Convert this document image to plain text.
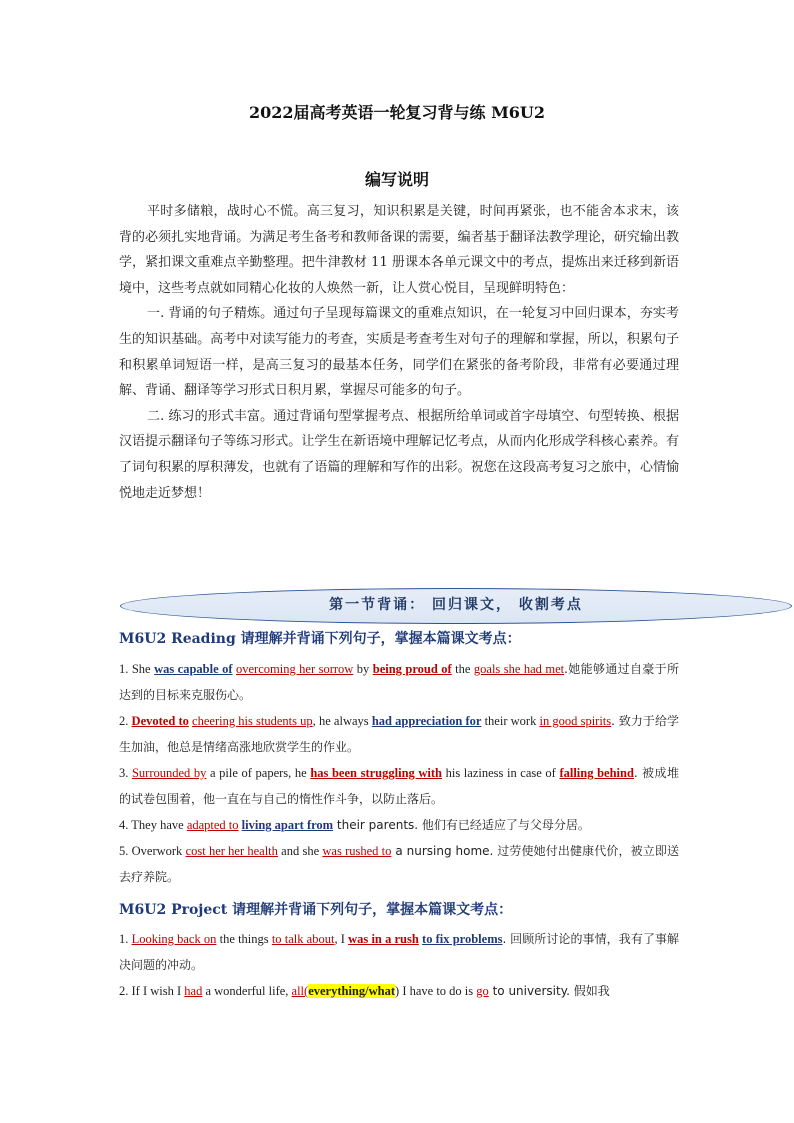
2022届高考英语一轮复习背与练 M6U2
编写说明

平时多储粮，战时心不慌。高三复习，知识积累是关键，时间再紧张，也不能舍本求末，该背的必须扎实地背诵。为满足考生备考和教师备课的需要，编者基于翻译法教学理论，研究输出教学，紧扣课文重难点辛勤整理。把牛津教材 11 册课本各单元课文中的考点，提炼出来迁移到新语境中，这些考点就如同精心化妆的人焕然一新，让人赏心悦目，呈现鲜明特色：

一. 背诵的句子精炼。通过句子呈现每篇课文的重难点知识，在一轮复习中回归课本，夯实考生的知识基础。高考中对读写能力的考查，实质是考查考生对句子的理解和掌握，所以，积累句子和积累单词短语一样，是高三复习的最基本任务，同学们在紧张的备考阶段，非常有必要通过理解、背诵、翻译等学习形式日积月累，掌握尽可能多的句子。

二. 练习的形式丰富。通过背诵句型掌握考点、根据所给单词或首字母填空、句型转换、根据汉语提示翻译句子等练习形式。让学生在新语境中理解记忆考点，从而内化形成学科核心素养。有了词句积累的厚积薄发，也就有了语篇的理解和写作的出彩。祝您在这段高考复习之旅中，心情愉悦地走近梦想！

第一节背诵： 回归课文， 收割考点
M6U2 Reading 请理解并背诵下列句子，掌握本篇课文考点：

1. She was capable of overcoming her sorrow by being proud of the goals she had met.她能够通过自豪于所达到的目标来克服伤心。

2. Devoted to cheering his students up, he always had appreciation for their work in good spirits. 致力于给学生加油，他总是情绪高涨地欣赏学生的作业。

3. Surrounded by a pile of papers, he has been struggling with his laziness in case of falling behind. 被成堆的试卷包围着，他一直在与自己的惰性作斗争，以防止落后。

4. They have adapted to living apart from their parents. 他们有已经适应了与父母分居。

5. Overwork cost her her health and she was rushed to a nursing home. 过劳使她付出健康代价，被立即送去疗养院。

M6U2 Project 请理解并背诵下列句子，掌握本篇课文考点：

1. Looking back on the things to talk about, I was in a rush to fix problems. 回顾所讨论的事情，我有了事解决问题的冲动。

2. If I wish I had a wonderful life, all(everything/what) I have to do is go to university. 假如我
